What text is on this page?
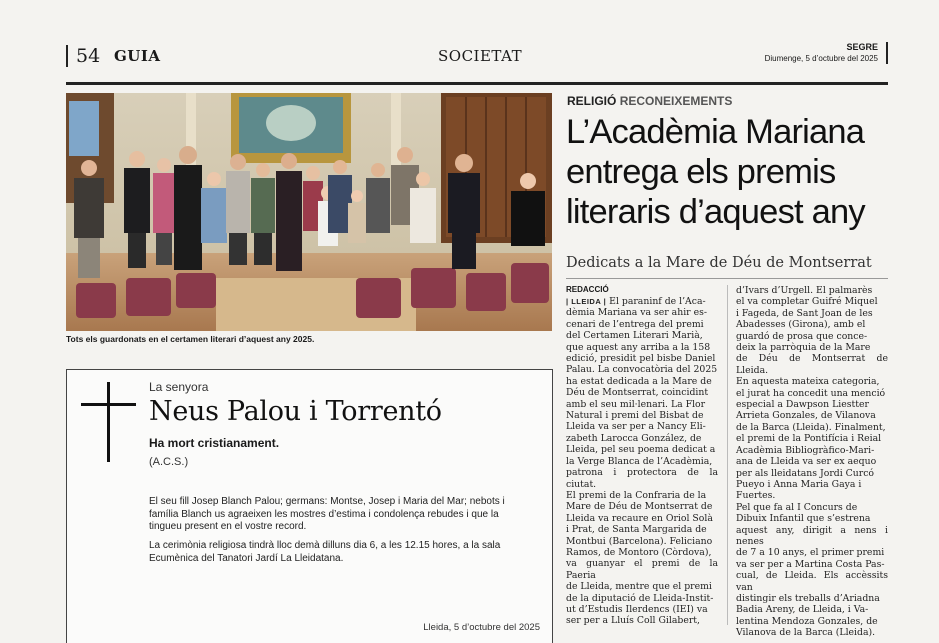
54 GUIA	SOCIETAT	SEGRE
Diumenge, 5 d’octubre del 2025
Tots els guardonats en el certamen literari d’aquest any 2025.
RELIGIÓ RECONEIXEMENTS
L’Acadèmia Mariana
entrega els premis
literaris d’aquest any
Dedicats a la Mare de Déu de Montserrat
REDACCIÓ
| LLEIDA | El paraninf de l’Aca-
dèmia Mariana va ser ahir es-
cenari de l’entrega del premi
del Certamen Literari Marià,
que aquest any arriba a la 158
edició, presidit pel bisbe Daniel
Palau. La convocatòria del 2025
ha estat dedicada a la Mare de
Déu de Montserrat, coincidint
amb el seu mil·lenari. La Flor
Natural i premi del Bisbat de
Lleida va ser per a Nancy Eli-
zabeth Larocca González, de
Lleida, pel seu poema dedicat a
la Verge Blanca de l’Acadèmia,
patrona i protectora de la ciutat.
El premi de la Confraria de la
Mare de Déu de Montserrat de
Lleida va recaure en Oriol Solà
i Prat, de Santa Margarida de
Montbui (Barcelona). Feliciano
Ramos, de Montoro (Còrdova),
va guanyar el premi de la Paeria
de Lleida, mentre que el premi
de la diputació de Lleida-Instit-
ut d’Estudis Ilerdencs (IEI) va
ser per a Lluís Coll Gilabert,
d’Ivars d’Urgell. El palmarès
el va completar Guifré Miquel
i Fageda, de Sant Joan de les
Abadesses (Girona), amb el
guardó de prosa que conce-
deix la parròquia de la Mare
de Déu de Montserrat de Lleida.
En aquesta mateixa categoria,
el jurat ha concedit una menció
especial a Dawpson Liestter
Arrieta Gonzales, de Vilanova
de la Barca (Lleida). Finalment,
el premi de la Pontifícia i Reial
Acadèmia Bibliogràfico-Mari-
ana de Lleida va ser ex aequo
per als lleidatans Jordi Curcó
Pueyo i Anna Maria Gaya i
Fuertes.
Pel que fa al I Concurs de
Dibuix Infantil que s’estrena
aquest any, dirigit a nens i nenes
de 7 a 10 anys, el primer premi
va ser per a Martina Costa Pas-
cual, de Lleida. Els accèssits van
distingir els treballs d’Ariadna
Badia Areny, de Lleida, i Va-
lentina Mendoza Gonzales, de
Vilanova de la Barca (Lleida).
La senyora
Neus Palou i Torrentó
Ha mort cristianament.
(A.C.S.)
El seu fill Josep Blanch Palou; germans: Montse, Josep i Maria del Mar; nebots i família Blanch us agraeixen les mostres d’estima i condolença rebudes i que la tingueu present en el vostre record.
La cerimònia religiosa tindrà lloc demà dilluns dia 6, a les 12.15 hores, a la sala Ecumènica del Tanatori Jardí La Lleidatana.
Lleida, 5 d’octubre del 2025
